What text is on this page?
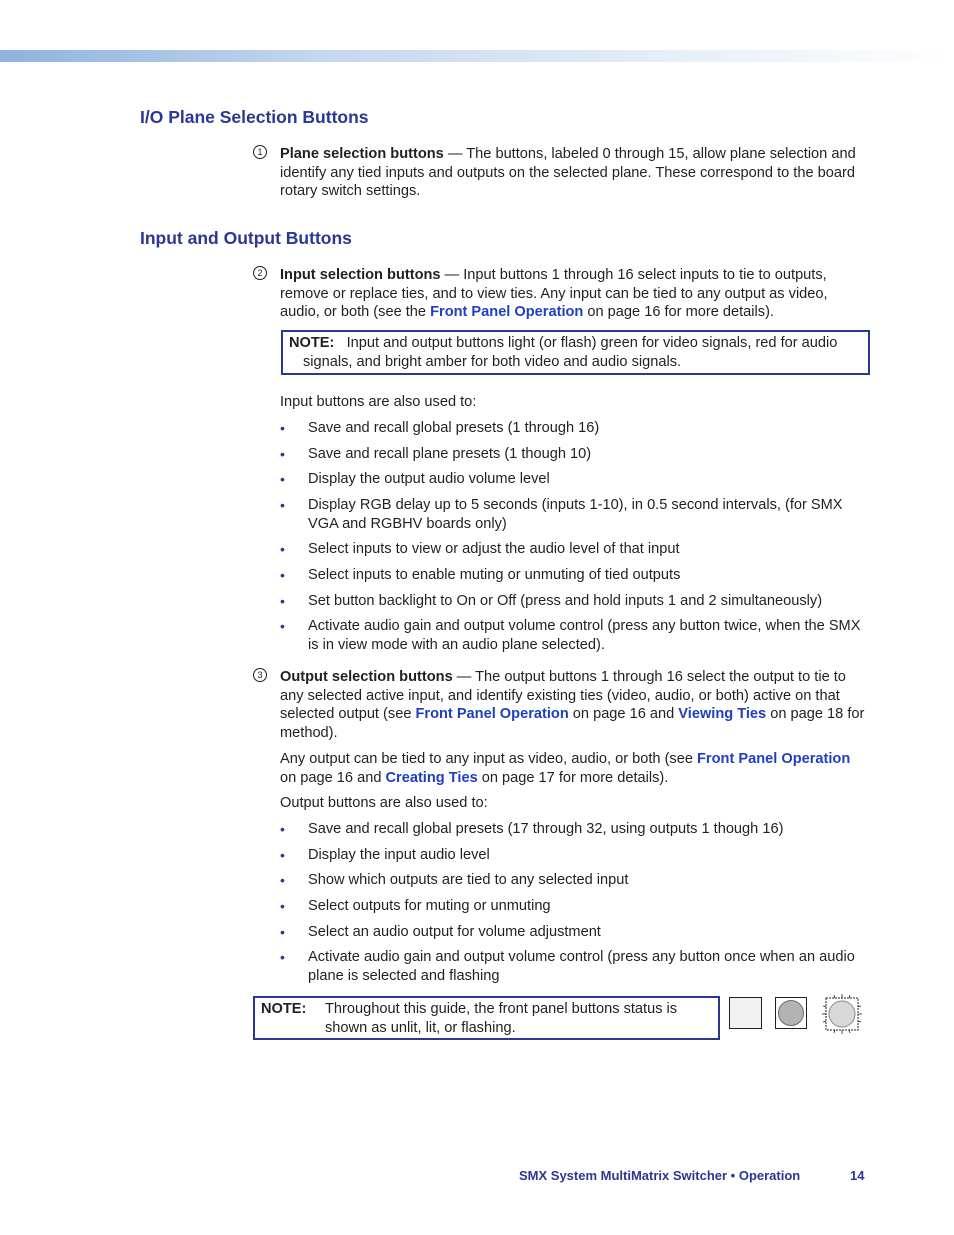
I/O Plane Selection Buttons
1	Plane selection buttons — The buttons, labeled 0 through 15, allow plane selection and identify any tied inputs and outputs on the selected plane. These correspond to the board rotary switch settings.

Input and Output Buttons
2	Input selection buttons — Input buttons 1 through 16 select inputs to tie to outputs, remove or replace ties, and to view ties. Any input can be tied to any output as video, audio, or both (see the Front Panel Operation on page 16 for more details).

NOTE: Input and output buttons light (or flash) green for video signals, red for audio signals, and bright amber for both video and audio signals.

Input buttons are also used to:

• Save and recall global presets (1 through 16)
• Save and recall plane presets (1 though 10)
• Display the output audio volume level
• Display RGB delay up to 5 seconds (inputs 1-10), in 0.5 second intervals, (for SMX VGA and RGBHV boards only)
• Select inputs to view or adjust the audio level of that input
• Select inputs to enable muting or unmuting of tied outputs
• Set button backlight to On or Off (press and hold inputs 1 and 2 simultaneously)
• Activate audio gain and output volume control (press any button twice, when the SMX is in view mode with an audio plane selected).
3	Output selection buttons — The output buttons 1 through 16 select the output to tie to any selected active input, and identify existing ties (video, audio, or both) active on that selected output (see Front Panel Operation on page 16 and Viewing Ties on page 18 for method).

Any output can be tied to any input as video, audio, or both (see Front Panel Operation on page 16 and Creating Ties on page 17 for more details).

Output buttons are also used to:

• Save and recall global presets (17 through 32, using outputs 1 though 16)
• Display the input audio level
• Show which outputs are tied to any selected input
• Select outputs for muting or unmuting
• Select an audio output for volume adjustment
• Activate audio gain and output volume control (press any button once when an audio plane is selected and flashing
NOTE: Throughout this guide, the front panel buttons status is shown as unlit, lit, or flashing.
SMX System MultiMatrix Switcher • Operation	14
